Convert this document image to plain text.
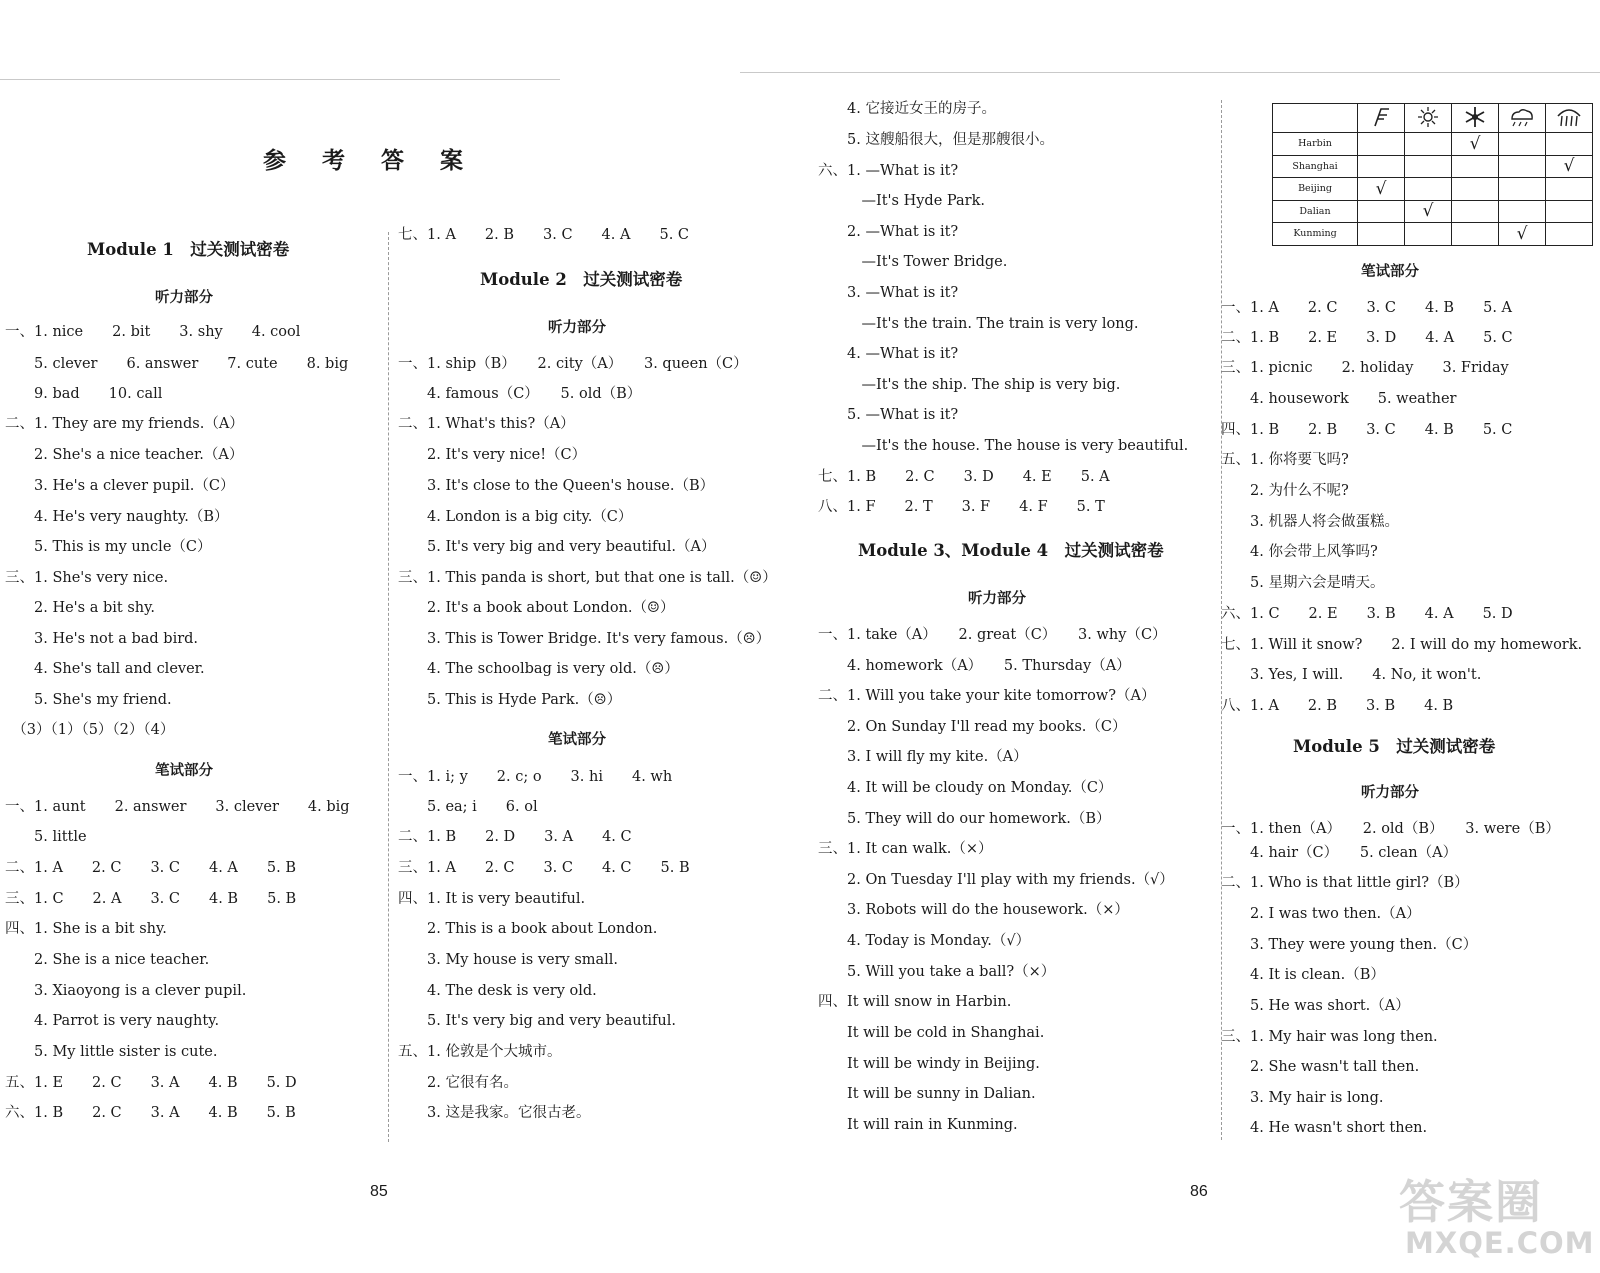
参 考 答 案
Module 1　过关测试密卷
听力部分
一、1. nice　　2. bit　　3. shy　　4. cool
　　5. clever　　6. answer　　7. cute　　8. big
　　9. bad　　10. call
二、1. They are my friends.（A）
　　2. She's a nice teacher.（A）
　　3. He's a clever pupil.（C）
　　4. He's very naughty.（B）
　　5. This is my uncle（C）
三、1. She's very nice.
　　2. He's a bit shy.
　　3. He's not a bad bird.
　　4. She's tall and clever.
　　5. She's my friend.
　（3）（1）（5）（2）（4）
笔试部分
一、1. aunt　　2. answer　　3. clever　　4. big
　　5. little
二、1. A　　2. C　　3. C　　4. A　　5. B
三、1. C　　2. A　　3. C　　4. B　　5. B
四、1. She is a bit shy.
　　2. She is a nice teacher.
　　3. Xiaoyong is a clever pupil.
　　4. Parrot is very naughty.
　　5. My little sister is cute.
五、1. E　　2. C　　3. A　　4. B　　5. D
六、1. B　　2. C　　3. A　　4. B　　5. B
七、1. A　　2. B　　3. C　　4. A　　5. C
Module 2　过关测试密卷
听力部分
一、1. ship（B）　　2. city（A）　　3. queen（C）
　　4. famous（C）　　5. old（B）
二、1. What's this?（A）
　　2. It's very nice!（C）
　　3. It's close to the Queen's house.（B）
　　4. London is a big city.（C）
　　5. It's very big and very beautiful.（A）
三、1. This panda is short, but that one is tall.（☺）
　　2. It's a book about London.（☺）
　　3. This is Tower Bridge. It's very famous.（☹）
　　4. The schoolbag is very old.（☹）
　　5. This is Hyde Park.（☹）
笔试部分
一、1. i; y　　2. c; o　　3. hi　　4. wh
　　5. ea; i　　6. ol
二、1. B　　2. D　　3. A　　4. C
三、1. A　　2. C　　3. C　　4. C　　5. B
四、1. It is very beautiful.
　　2. This is a book about London.
　　3. My house is very small.
　　4. The desk is very old.
　　5. It's very big and very beautiful.
五、1. 伦敦是个大城市。
　　2. 它很有名。
　　3. 这是我家。它很古老。
　　4. 它接近女王的房子。
　　5. 这艘船很大，但是那艘很小。
六、1. —What is it?
　　　—It's Hyde Park.
　　2. —What is it?
　　　—It's Tower Bridge.
　　3. —What is it?
　　　—It's the train. The train is very long.
　　4. —What is it?
　　　—It's the ship. The ship is very big.
　　5. —What is it?
　　　—It's the house. The house is very beautiful.
七、1. B　　2. C　　3. D　　4. E　　5. A
八、1. F　　2. T　　3. F　　4. F　　5. T
Module 3、Module 4　过关测试密卷
听力部分
一、1. take（A）　　2. great（C）　　3. why（C）
　　4. homework（A）　　5. Thursday（A）
二、1. Will you take your kite tomorrow?（A）
　　2. On Sunday I'll read my books.（C）
　　3. I will fly my kite.（A）
　　4. It will be cloudy on Monday.（C）
　　5. They will do our homework.（B）
三、1. It can walk.（×）
　　2. On Tuesday I'll play with my friends.（√）
　　3. Robots will do the housework.（×）
　　4. Today is Monday.（√）
　　5. Will you take a ball?（×）
四、It will snow in Harbin.
　　It will be cold in Shanghai.
　　It will be windy in Beijing.
　　It will be sunny in Dalian.
　　It will rain in Kunming.
笔试部分
一、1. A　　2. C　　3. C　　4. B　　5. A
二、1. B　　2. E　　3. D　　4. A　　5. C
三、1. picnic　　2. holiday　　3. Friday
　　4. housework　　5. weather
四、1. B　　2. B　　3. C　　4. B　　5. C
五、1. 你将要飞吗?
　　2. 为什么不呢?
　　3. 机器人将会做蛋糕。
　　4. 你会带上风筝吗?
　　5. 星期六会是晴天。
六、1. C　　2. E　　3. B　　4. A　　5. D
七、1. Will it snow?　　2. I will do my homework.
　　3. Yes, I will.　　4. No, it won't.
八、1. A　　2. B　　3. B　　4. B
Module 5　过关测试密卷
听力部分
一、1. then（A）　　2. old（B）　　3. were（B）
　　4. hair（C）　　5. clean（A）
二、1. Who is that little girl?（B）
　　2. I was two then.（A）
　　3. They were young then.（C）
　　4. It is clean.（B）
　　5. He was short.（A）
三、1. My hair was long then.
　　2. She wasn't tall then.
　　3. My hair is long.
　　4. He wasn't short then.

Harbin			√		
Shanghai					√
Beijing	√				
Dalian		√			
Kunming				√	
85	86	答案圈
MXQE.COM
